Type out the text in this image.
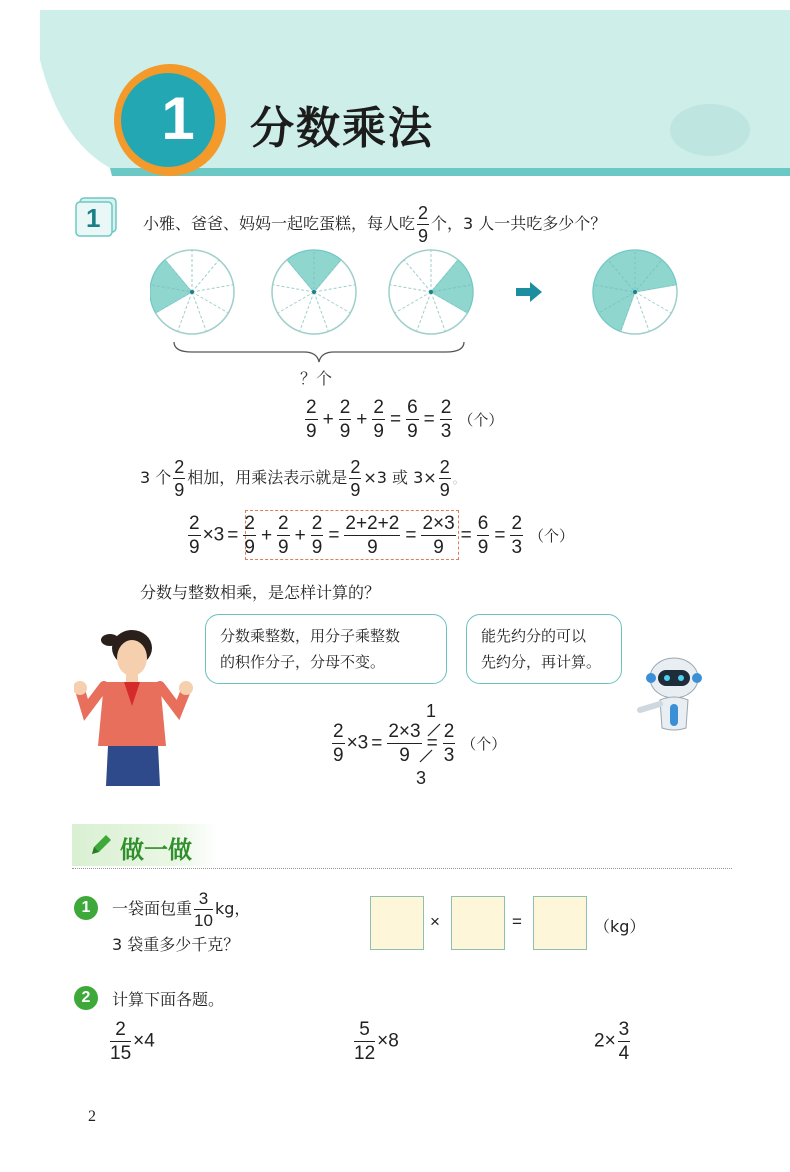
1	分数乘法
1	小雅、爸爸、妈妈一起吃蛋糕，每人吃 $\frac{2}{9}$ 个，3 人一共吃多少个？
？个
$\frac{2}{9} + \frac{2}{9} + \frac{2}{9} = \frac{6}{9} = \frac{2}{3}$ （个）
3 个 $\frac{2}{9}$ 相加，用乘法表示就是 $\frac{2}{9} \times 3$ 或 $3\times \frac{2}{9}$ 。
$\frac{2}{9} \times 3 = \frac{2}{9} + \frac{2}{9} + \frac{2}{9} = \frac{2+2+2}{9} = \frac{2\times 3}{9} = \frac{6}{9} = \frac{2}{3}$ （个）
分数与整数相乘，是怎样计算的？
分数乘整数，用分子乘整数
的积作分子，分母不变。
能先约分的可以
先约分，再计算。
1
$\frac{2}{9} \times 3 = \frac{2\times 3}{9} = \frac{2}{3}$ （个）
3
做一做
1	一袋面包重 $\frac{3}{10}$ kg，
3 袋重多少千克？
×	=	（kg）
2	计算下面各题。
$\frac{2}{15} \times 4$	$\frac{5}{12} \times 8$	$2\times \frac{3}{4}$
2
